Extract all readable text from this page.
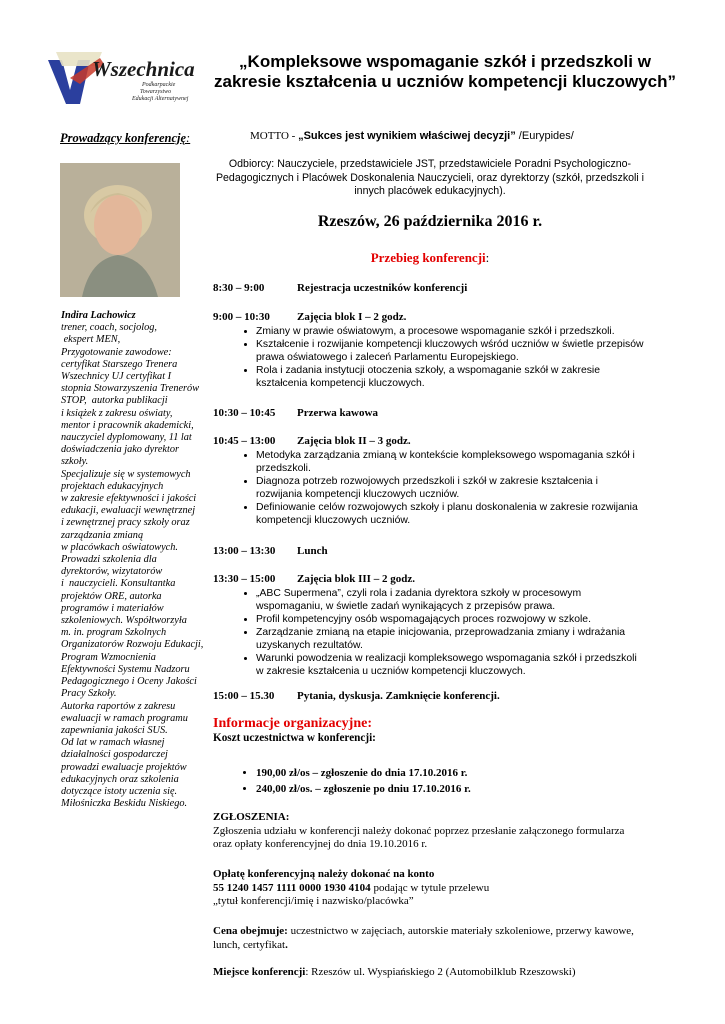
Wszechnica
Podkarpackie
Towarzystwo
Edukacji Alternatywnej
„Kompleksowe wspomaganie szkół i przedszkoli w zakresie kształcenia u uczniów kompetencji kluczowych”
Prowadzący konferencję:
Indira Lachowicz
trener, coach, socjolog,
ekspert MEN,
Przygotowanie zawodowe:
certyfikat Starszego Trenera
Wszechnicy UJ certyfikat I
stopnia Stowarzyszenia Trenerów
STOP,  autorka publikacji
i książek z zakresu oświaty,
mentor i pracownik akademicki,
nauczyciel dyplomowany, 11 lat
doświadczenia jako dyrektor
szkoły.
Specjalizuje się w systemowych
projektach edukacyjnych
w zakresie efektywności i jakości
edukacji, ewaluacji wewnętrznej
i zewnętrznej pracy szkoły oraz
zarządzania zmianą
w placówkach oświatowych.
Prowadzi szkolenia dla
dyrektorów, wizytatorów
i  nauczycieli. Konsultantka
projektów ORE, autorka
programów i materiałów
szkoleniowych. Współtworzyła
m. in. program Szkolnych
Organizatorów Rozwoju Edukacji,
Program Wzmocnienia
Efektywności Systemu Nadzoru
Pedagogicznego i Oceny Jakości
Pracy Szkoły.
Autorka raportów z zakresu
ewaluacji w ramach programu
zapewniania jakości SUS.
Od lat w ramach własnej
działalności gospodarczej
prowadzi ewaluacje projektów
edukacyjnych oraz szkolenia
dotyczące istoty uczenia się.
Miłośniczka Beskidu Niskiego.
MOTTO - „Sukces jest wynikiem właściwej decyzji” /Eurypides/
Odbiorcy: Nauczyciele, przedstawiciele JST, przedstawiciele Poradni Psychologiczno-Pedagogicznych i Placówek Doskonalenia Nauczycieli, oraz dyrektorzy (szkół, przedszkoli i innych placówek edukacyjnych).
Rzeszów, 26 października 2016 r.
Przebieg konferencji:
8:30 – 9:00	Rejestracja uczestników konferencji
9:00 – 10:30 Zajęcia blok I – 2 godz.
• Zmiany w prawie oświatowym, a procesowe wspomaganie szkół i przedszkoli.
• Kształcenie i rozwijanie kompetencji kluczowych wśród uczniów w świetle przepisów prawa oświatowego i zaleceń Parlamentu Europejskiego.
• Rola i zadania instytucji otoczenia szkoły, a wspomaganie szkół w zakresie kształcenia kompetencji kluczowych.
10:30 – 10:45 Przerwa kawowa
10:45 – 13:00 Zajęcia blok II – 3 godz.
• Metodyka zarządzania zmianą w kontekście kompleksowego wspomagania szkół i przedszkoli.
• Diagnoza potrzeb rozwojowych przedszkoli i szkół w zakresie kształcenia i rozwijania kompetencji kluczowych uczniów.
• Definiowanie celów rozwojowych szkoły i planu doskonalenia w zakresie rozwijania kompetencji kluczowych uczniów.
13:00 – 13:30 Lunch
13:30 – 15:00 Zajęcia blok III – 2 godz.
• „ABC Supermena”, czyli rola i zadania dyrektora szkoły w procesowym wspomaganiu, w świetle zadań wynikających z przepisów prawa.
• Profil kompetencyjny osób wspomagających proces rozwojowy w szkole.
• Zarządzanie zmianą na etapie inicjowania, przeprowadzania zmiany i wdrażania uzyskanych rezultatów.
• Warunki powodzenia w realizacji kompleksowego wspomagania szkół i przedszkoli w zakresie kształcenia u uczniów kompetencji kluczowych.
15:00 – 15.30 Pytania, dyskusja. Zamknięcie konferencji.
Informacje organizacyjne:
Koszt uczestnictwa w konferencji:
• 190,00 zł/os – zgłoszenie do dnia 17.10.2016 r.
• 240,00 zł/os. – zgłoszenie po dniu 17.10.2016 r.
ZGŁOSZENIA:
Zgłoszenia udziału w konferencji należy dokonać poprzez przesłanie załączonego formularza oraz opłaty konferencyjnej do dnia 19.10.2016 r.
Opłatę konferencyjną należy dokonać na konto
55 1240 1457 1111 0000 1930 4104 podając w tytule przelewu
„tytuł konferencji/imię i nazwisko/placówka”
Cena obejmuje: uczestnictwo w zajęciach, autorskie materiały szkoleniowe, przerwy kawowe, lunch, certyfikat.
Miejsce konferencji: Rzeszów ul. Wyspiańskiego 2 (Automobilklub Rzeszowski)
